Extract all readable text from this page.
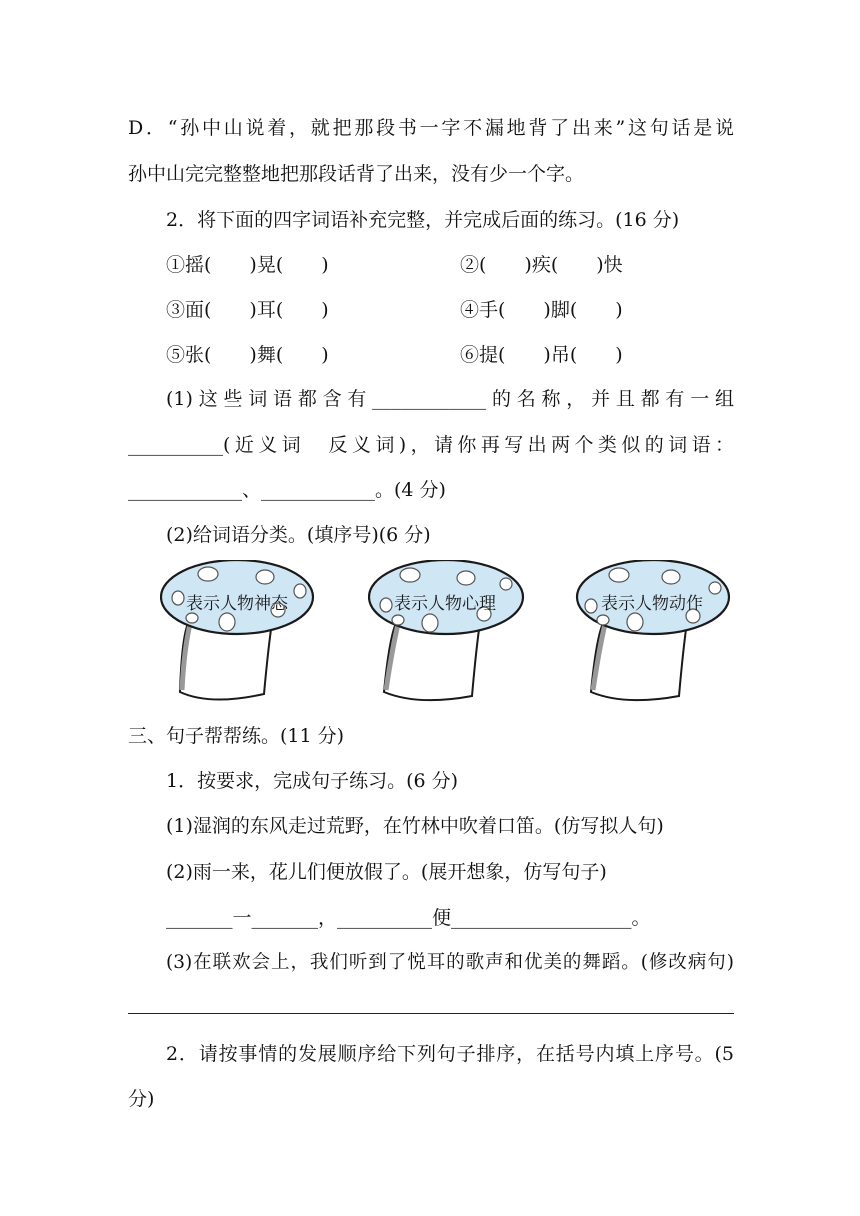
D．“孙中山说着，就把那段书一字不漏地背了出来”这句话是说
孙中山完完整整地把那段话背了出来，没有少一个字。
2．将下面的四字词语补充完整，并完成后面的练习。(16 分)
①摇(　　)晃(　　)	②(　　)疾(　　)快
③面(　　)耳(　　)	④手(　　)脚(　　)
⑤张(　　)舞(　　)	⑥提(　　)吊(　　)
(1)这些词语都含有____________的名称，并且都有一组
__________(近义词　反义词)，请你再写出两个类似的词语：
____________、____________。(4 分)
(2)给词语分类。(填序号)(6 分)
表示人物神态	表示人物心理	表示人物动作
三、句子帮帮练。(11 分)
1．按要求，完成句子练习。(6 分)
(1)湿润的东风走过荒野，在竹林中吹着口笛。(仿写拟人句)
(2)雨一来，花儿们便放假了。(展开想象，仿写句子)
_______一_______，__________便___________________。
(3)在联欢会上，我们听到了悦耳的歌声和优美的舞蹈。(修改病句)
2．请按事情的发展顺序给下列句子排序，在括号内填上序号。(5
分)
